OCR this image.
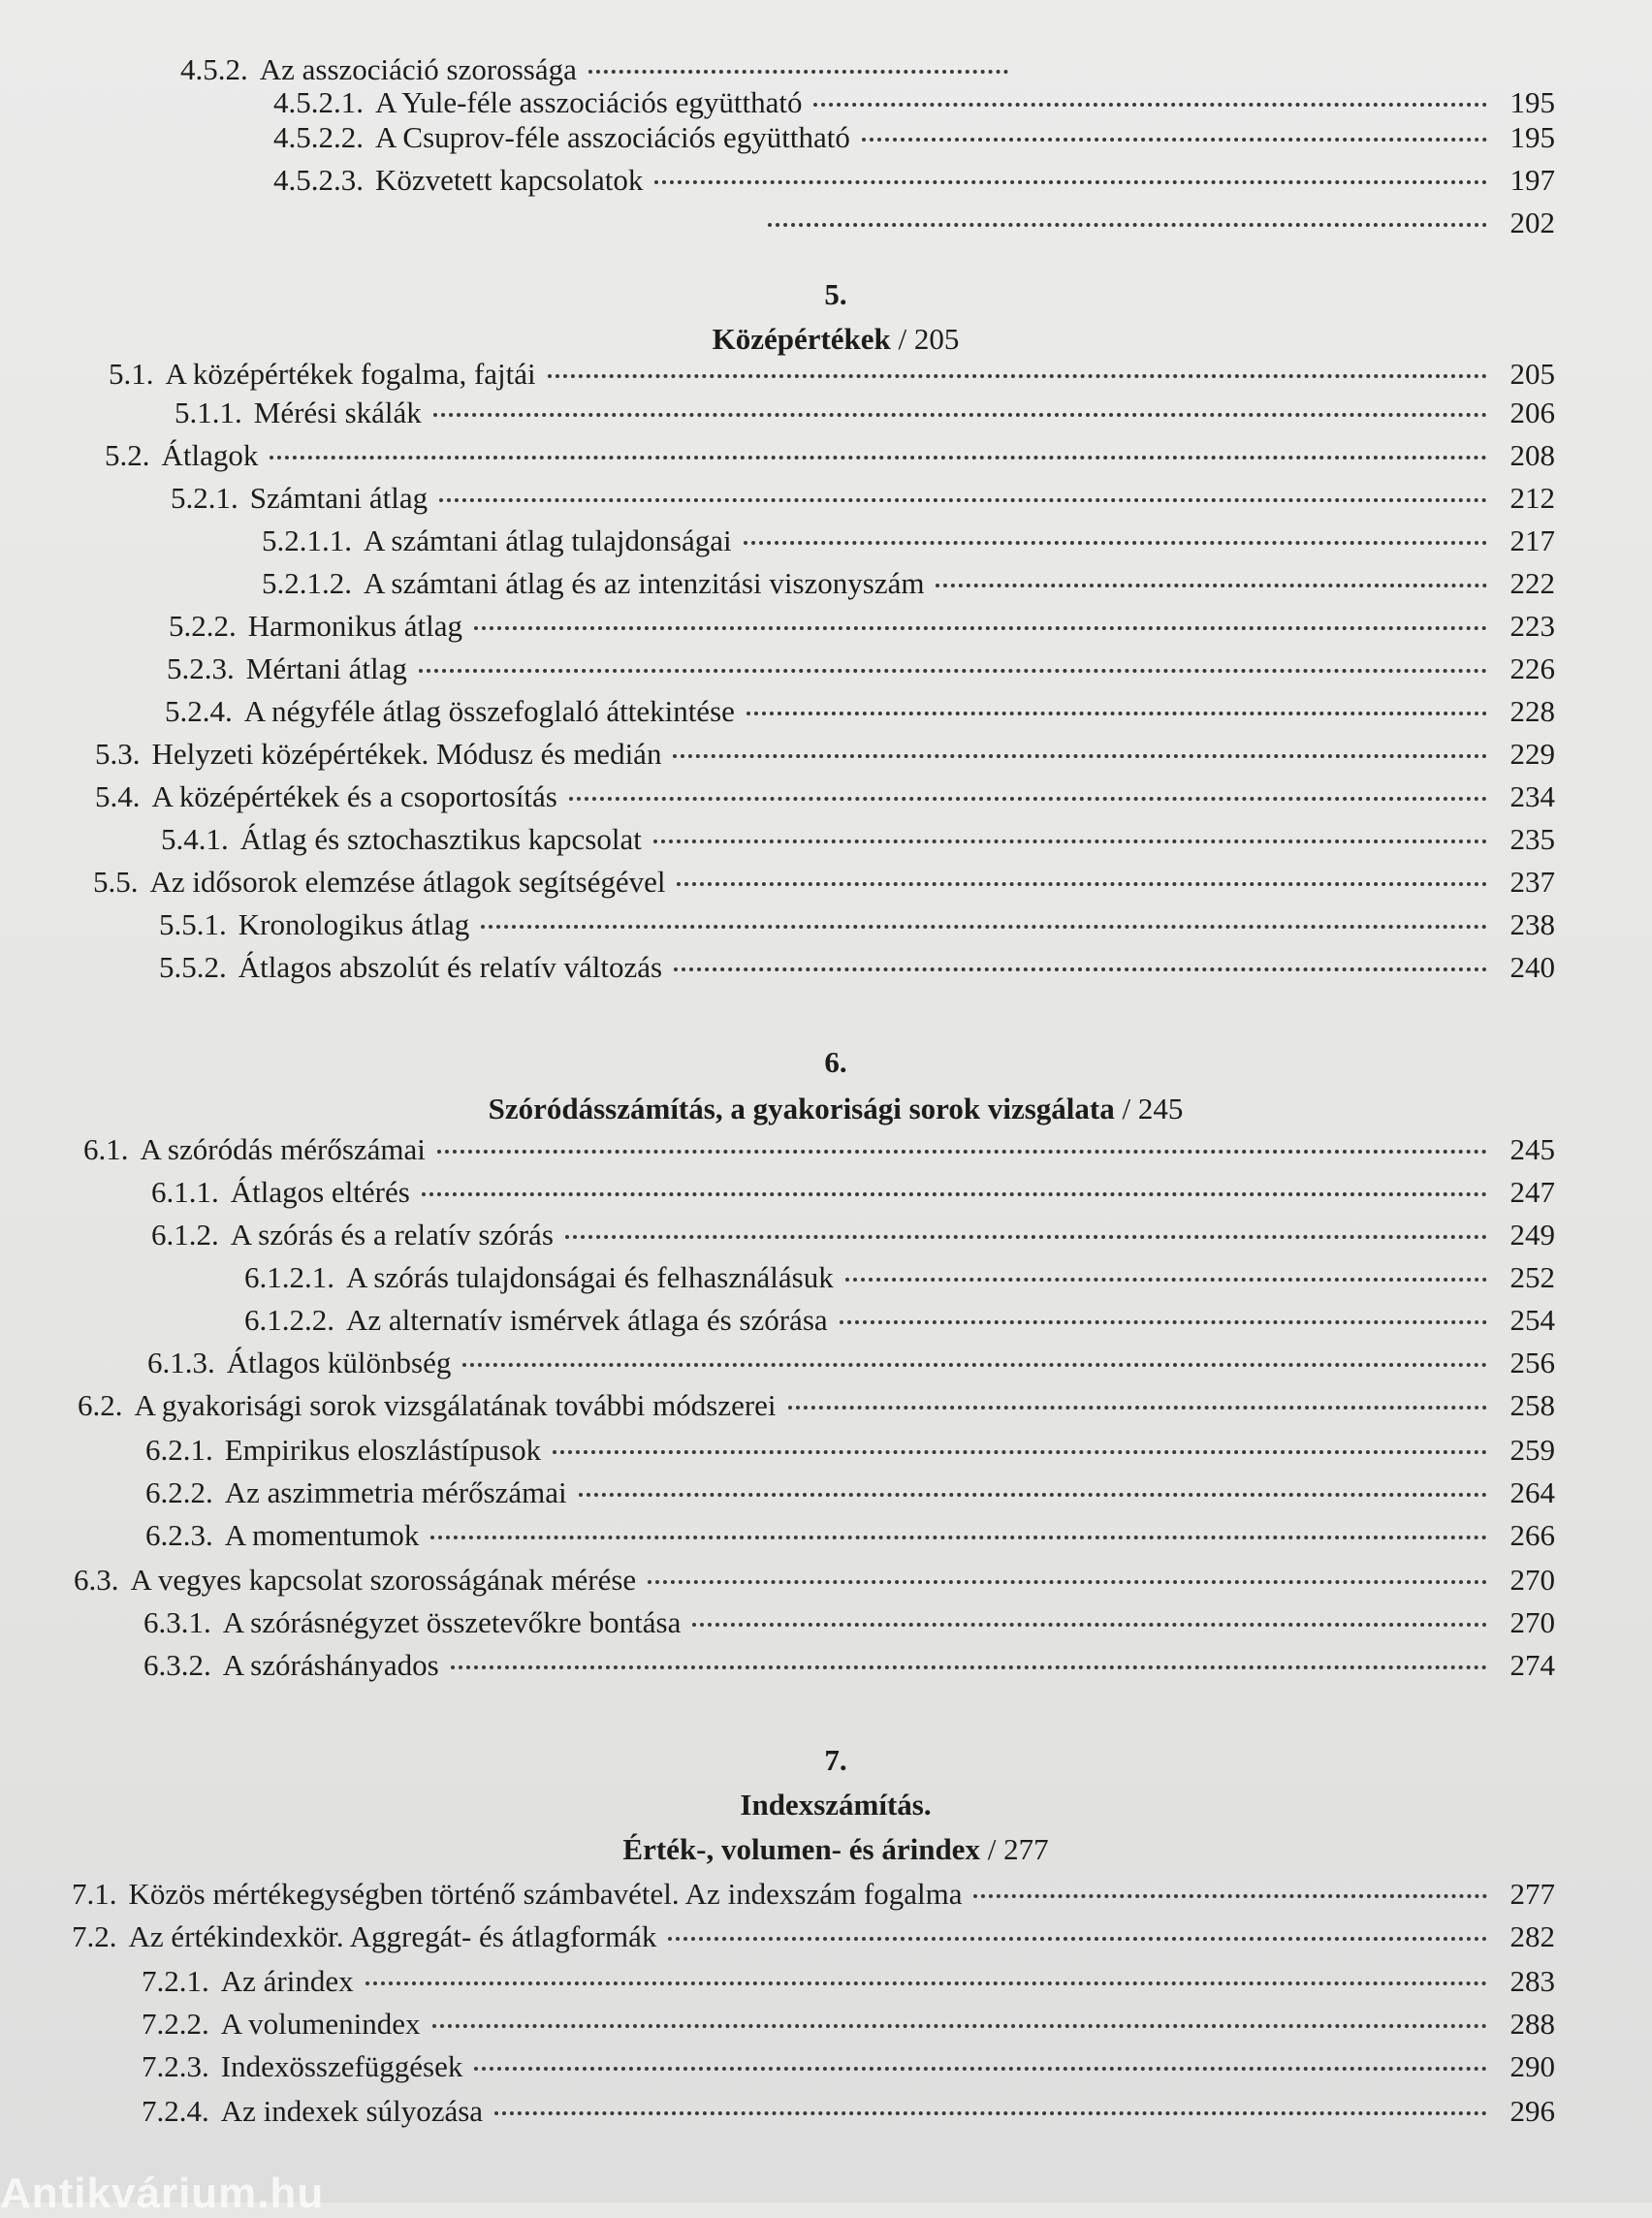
4.5.2. Az asszociáció szorossága
4.5.2.1. A Yule-féle asszociációs együttható	195
4.5.2.2. A Csuprov-féle asszociációs együttható	195
4.5.2.3. Közvetett kapcsolatok	197
202
5.
Középértékek / 205
5.1. A középértékek fogalma, fajtái	205
5.1.1. Mérési skálák	206
5.2. Átlagok	208
5.2.1. Számtani átlag	212
5.2.1.1. A számtani átlag tulajdonságai	217
5.2.1.2. A számtani átlag és az intenzitási viszonyszám	222
5.2.2. Harmonikus átlag	223
5.2.3. Mértani átlag	226
5.2.4. A négyféle átlag összefoglaló áttekintése	228
5.3. Helyzeti középértékek. Módusz és medián	229
5.4. A középértékek és a csoportosítás	234
5.4.1. Átlag és sztochasztikus kapcsolat	235
5.5. Az idősorok elemzése átlagok segítségével	237
5.5.1. Kronologikus átlag	238
5.5.2. Átlagos abszolút és relatív változás	240
6.
Szóródásszámítás, a gyakorisági sorok vizsgálata / 245
6.1. A szóródás mérőszámai	245
6.1.1. Átlagos eltérés	247
6.1.2. A szórás és a relatív szórás	249
6.1.2.1. A szórás tulajdonságai és felhasználásuk	252
6.1.2.2. Az alternatív ismérvek átlaga és szórása	254
6.1.3. Átlagos különbség	256
6.2. A gyakorisági sorok vizsgálatának további módszerei	258
6.2.1. Empirikus eloszlástípusok	259
6.2.2. Az aszimmetria mérőszámai	264
6.2.3. A momentumok	266
6.3. A vegyes kapcsolat szorosságának mérése	270
6.3.1. A szórásnégyzet összetevőkre bontása	270
6.3.2. A szóráshányados	274
7.
Indexszámítás.
Érték-, volumen- és árindex / 277
7.1. Közös mértékegységben történő számbavétel. Az indexszám fogalma	277
7.2. Az értékindexkör. Aggregát- és átlagformák	282
7.2.1. Az árindex	283
7.2.2. A volumenindex	288
7.2.3. Indexösszefüggések	290
7.2.4. Az indexek súlyozása	296
Antikvárium.hu
